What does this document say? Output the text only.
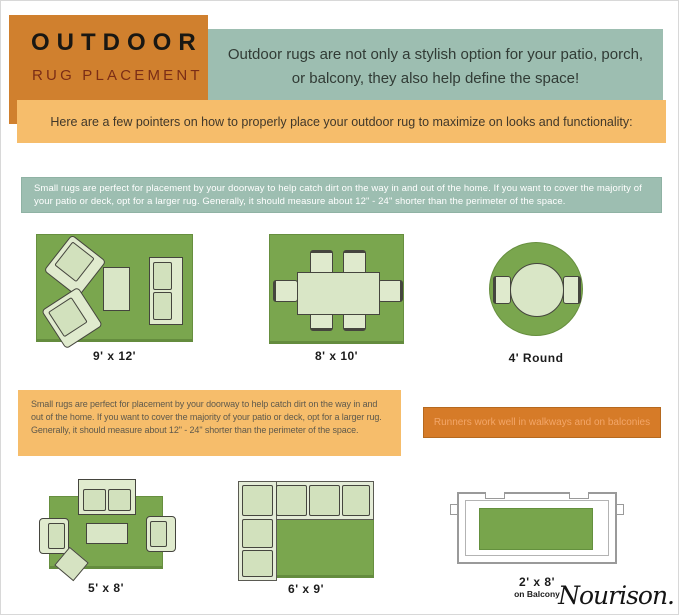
OUTDOOR
RUG PLACEMENT
Outdoor rugs are not only a stylish option for your patio, porch, or balcony, they also help define the space!
Here are a few pointers on how to properly place your outdoor rug to maximize on looks and functionality:
Small rugs are perfect for placement by your doorway to help catch dirt on the way in and out of the home. If you want to cover the majority of your patio or deck, opt for a larger rug. Generally, it should measure about 12" - 24" shorter than the perimeter of the space.
9' x 12'	8' x 10'	4' Round
Small rugs are perfect for placement by your doorway to help catch dirt on the way in and out of the home. If you want to cover the majority of your patio or deck, opt for a larger rug. Generally, it should measure about 12" - 24" shorter than the perimeter of the space.
Runners work well in walkways and on balconies
5' x 8'	6' x 9'	2' x 8'
on Balcony
Nourison.
